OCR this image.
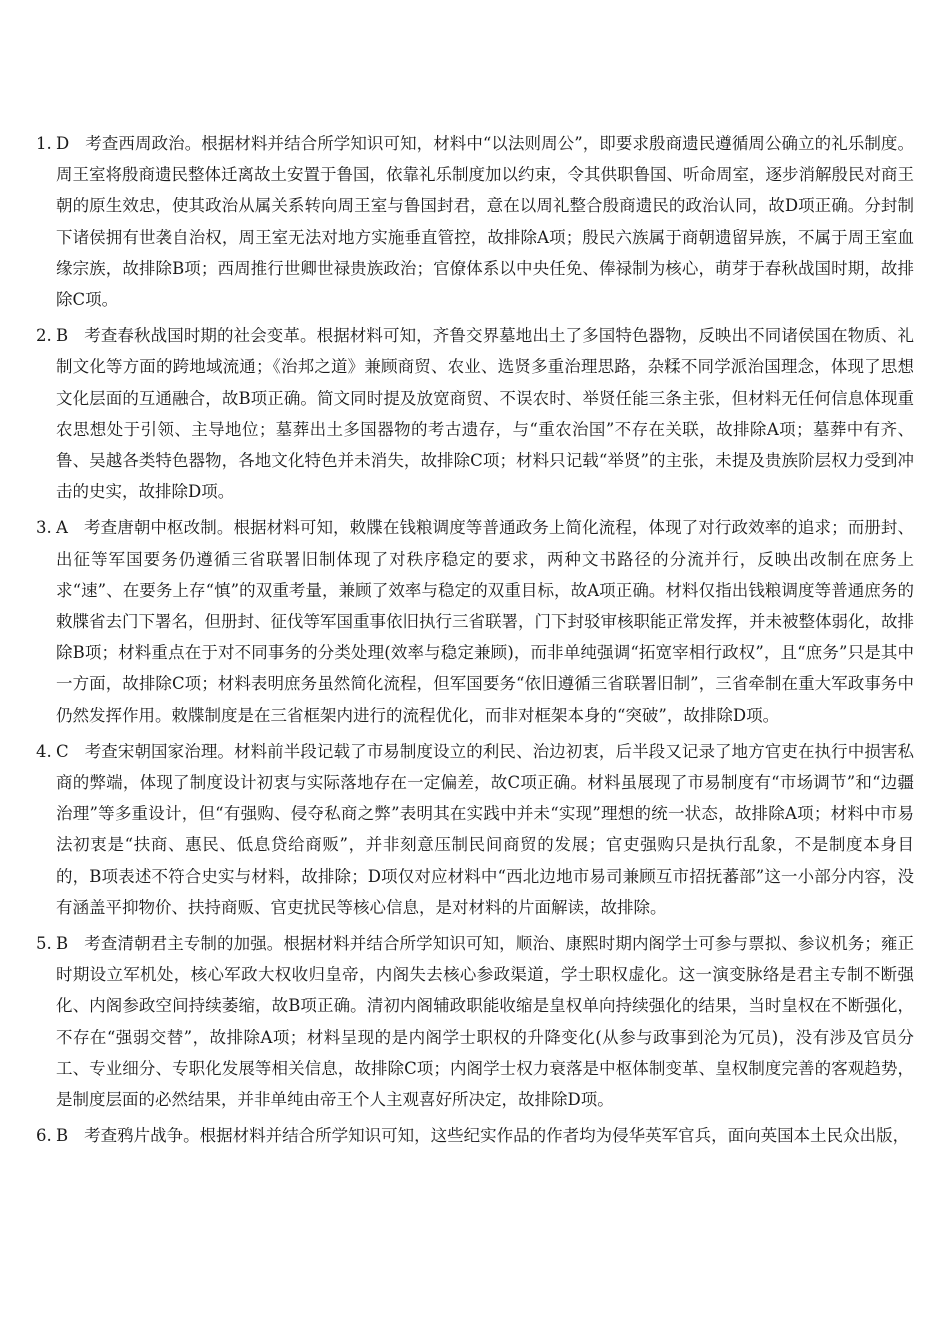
1. D 考查西周政治。根据材料并结合所学知识可知，材料中“以法则周公”，即要求殷商遗民遵循周公确立的礼乐制度。周王室将殷商遗民整体迁离故土安置于鲁国，依靠礼乐制度加以约束，令其供职鲁国、听命周室，逐步消解殷民对商王朝的原生效忠，使其政治从属关系转向周王室与鲁国封君，意在以周礼整合殷商遗民的政治认同，故D项正确。分封制下诸侯拥有世袭自治权，周王室无法对地方实施垂直管控，故排除A项；殷民六族属于商朝遗留异族，不属于周王室血缘宗族，故排除B项；西周推行世卿世禄贵族政治；官僚体系以中央任免、俸禄制为核心，萌芽于春秋战国时期，故排除C项。
2. B 考查春秋战国时期的社会变革。根据材料可知，齐鲁交界墓地出土了多国特色器物，反映出不同诸侯国在物质、礼制文化等方面的跨地域流通；《治邦之道》兼顾商贸、农业、选贤多重治理思路，杂糅不同学派治国理念，体现了思想文化层面的互通融合，故B项正确。简文同时提及放宽商贸、不误农时、举贤任能三条主张，但材料无任何信息体现重农思想处于引领、主导地位；墓葬出土多国器物的考古遗存，与“重农治国”不存在关联，故排除A项；墓葬中有齐、鲁、吴越各类特色器物，各地文化特色并未消失，故排除C项；材料只记载“举贤”的主张，未提及贵族阶层权力受到冲击的史实，故排除D项。
3. A 考查唐朝中枢改制。根据材料可知，敕牒在钱粮调度等普通政务上简化流程，体现了对行政效率的追求；而册封、出征等军国要务仍遵循三省联署旧制体现了对秩序稳定的要求，两种文书路径的分流并行，反映出改制在庶务上求“速”、在要务上存“慎”的双重考量，兼顾了效率与稳定的双重目标，故A项正确。材料仅指出钱粮调度等普通庶务的敕牒省去门下署名，但册封、征伐等军国重事依旧执行三省联署，门下封驳审核职能正常发挥，并未被整体弱化，故排除B项；材料重点在于对不同事务的分类处理(效率与稳定兼顾)，而非单纯强调“拓宽宰相行政权”，且“庶务”只是其中一方面，故排除C项；材料表明庶务虽然简化流程，但军国要务“依旧遵循三省联署旧制”，三省牵制在重大军政事务中仍然发挥作用。敕牒制度是在三省框架内进行的流程优化，而非对框架本身的“突破”，故排除D项。
4. C 考查宋朝国家治理。材料前半段记载了市易制度设立的利民、治边初衷，后半段又记录了地方官吏在执行中损害私商的弊端，体现了制度设计初衷与实际落地存在一定偏差，故C项正确。材料虽展现了市易制度有“市场调节”和“边疆治理”等多重设计，但“有强购、侵夺私商之弊”表明其在实践中并未“实现”理想的统一状态，故排除A项；材料中市易法初衷是“扶商、惠民、低息贷给商贩”，并非刻意压制民间商贸的发展；官吏强购只是执行乱象，不是制度本身目的，B项表述不符合史实与材料，故排除；D项仅对应材料中“西北边地市易司兼顾互市招抚蕃部”这一小部分内容，没有涵盖平抑物价、扶持商贩、官吏扰民等核心信息，是对材料的片面解读，故排除。
5. B 考查清朝君主专制的加强。根据材料并结合所学知识可知，顺治、康熙时期内阁学士可参与票拟、参议机务；雍正时期设立军机处，核心军政大权收归皇帝，内阁失去核心参政渠道，学士职权虚化。这一演变脉络是君主专制不断强化、内阁参政空间持续萎缩，故B项正确。清初内阁辅政职能收缩是皇权单向持续强化的结果，当时皇权在不断强化，不存在“强弱交替”，故排除A项；材料呈现的是内阁学士职权的升降变化(从参与政事到沦为冗员)，没有涉及官员分工、专业细分、专职化发展等相关信息，故排除C项；内阁学士权力衰落是中枢体制变革、皇权制度完善的客观趋势，是制度层面的必然结果，并非单纯由帝王个人主观喜好所决定，故排除D项。
6. B 考查鸦片战争。根据材料并结合所学知识可知，这些纪实作品的作者均为侵华英军官兵，面向英国本土民众出版，
